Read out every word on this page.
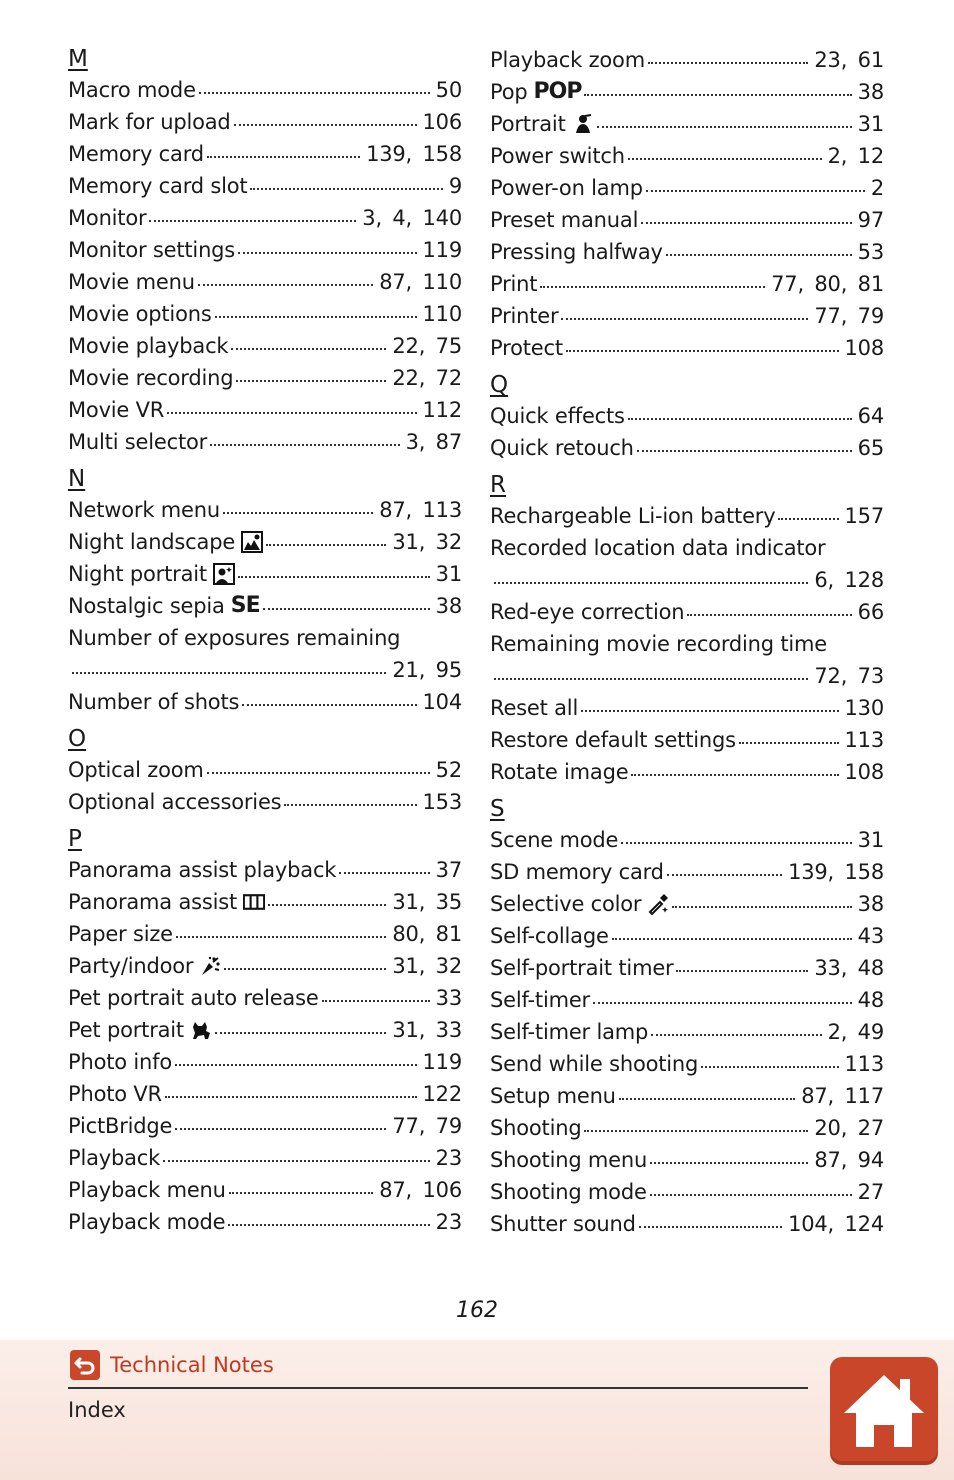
M
Macro mode	50
Mark for upload	106
Memory card	139, 158
Memory card slot	9
Monitor	3, 4, 140
Monitor settings	119
Movie menu	87, 110
Movie options	110
Movie playback	22, 75
Movie recording	22, 72
Movie VR	112
Multi selector	3, 87
N
Network menu	87, 113
Night landscape	31, 32
Night portrait	31
Nostalgic sepia SE	38
Number of exposures remaining
21, 95
Number of shots	104
O
Optical zoom	52
Optional accessories	153
P
Panorama assist playback	37
Panorama assist	31, 35
Paper size	80, 81
Party/indoor	31, 32
Pet portrait auto release	33
Pet portrait	31, 33
Photo info	119
Photo VR	122
PictBridge	77, 79
Playback	23
Playback menu	87, 106
Playback mode	23
Playback zoom	23, 61
Pop POP	38
Portrait	31
Power switch	2, 12
Power-on lamp	2
Preset manual	97
Pressing halfway	53
Print	77, 80, 81
Printer	77, 79
Protect	108
Q
Quick effects	64
Quick retouch	65
R
Rechargeable Li-ion battery	157
Recorded location data indicator
6, 128
Red-eye correction	66
Remaining movie recording time
72, 73
Reset all	130
Restore default settings	113
Rotate image	108
S
Scene mode	31
SD memory card	139, 158
Selective color	38
Self-collage	43
Self-portrait timer	33, 48
Self-timer	48
Self-timer lamp	2, 49
Send while shooting	113
Setup menu	87, 117
Shooting	20, 27
Shooting menu	87, 94
Shooting mode	27
Shutter sound	104, 124
162
Technical Notes
Index
